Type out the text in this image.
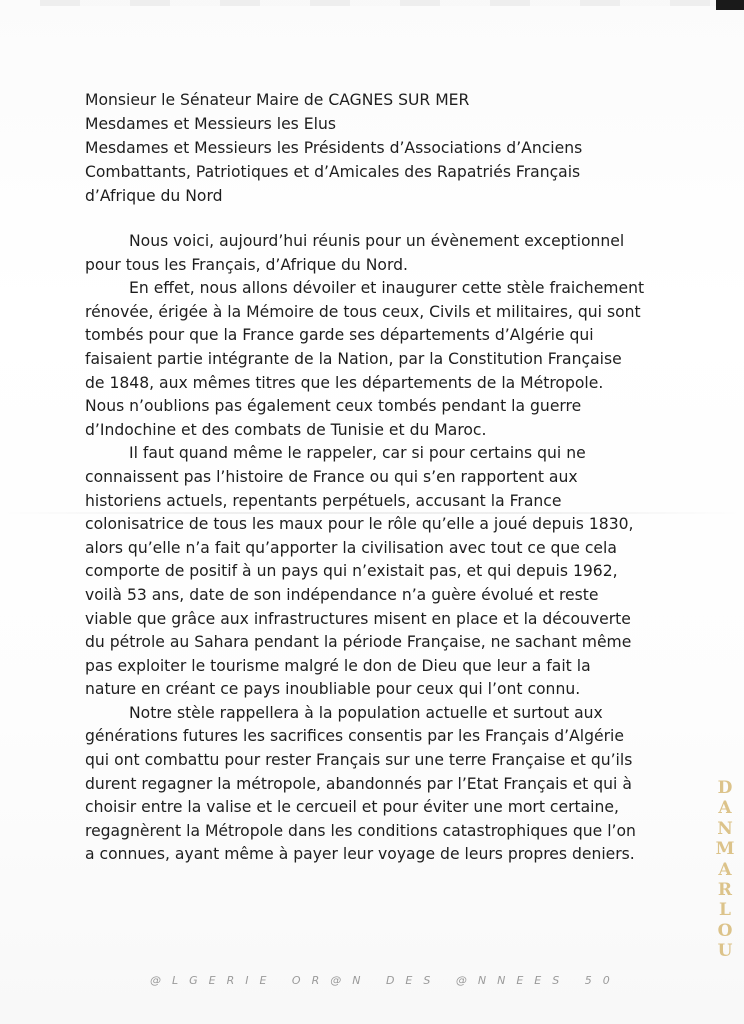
Monsieur le Sénateur Maire de CAGNES SUR MER
Mesdames et Messieurs les Elus
Mesdames et Messieurs les Présidents d’Associations d’Anciens
Combattants, Patriotiques et d’Amicales des Rapatriés Français
d’Afrique du Nord

Nous voici, aujourd’hui réunis pour un évènement exceptionnel pour tous les Français, d’Afrique du Nord.

En effet, nous allons dévoiler et inaugurer cette stèle fraichement rénovée, érigée à la Mémoire de tous ceux, Civils et militaires, qui sont tombés pour que la France garde ses départements d’Algérie qui faisaient partie intégrante de la Nation, par la Constitution Française de 1848, aux mêmes titres que les départements de la Métropole. Nous n’oublions pas également ceux tombés pendant la guerre d’Indochine et des combats de Tunisie et du Maroc.

Il faut quand même le rappeler, car si pour certains qui ne connaissent pas l’histoire de France ou qui s’en rapportent aux historiens actuels, repentants perpétuels, accusant la France colonisatrice de tous les maux pour le rôle qu’elle a joué depuis 1830, alors qu’elle n’a fait qu’apporter la civilisation avec tout ce que cela comporte de positif à un pays qui n’existait pas, et qui depuis 1962, voilà 53 ans, date de son indépendance n’a guère évolué et reste viable que grâce aux infrastructures misent en place et la découverte du pétrole au Sahara pendant la période Française, ne sachant même pas exploiter le tourisme malgré le don de Dieu que leur a fait la nature en créant ce pays inoubliable pour ceux qui l’ont connu.

Notre stèle rappellera à la population actuelle et surtout aux générations futures les sacrifices consentis par les Français d’Algérie qui ont combattu pour rester Français sur une terre Française et qu’ils durent regagner la métropole, abandonnés par l’Etat Français et qui à choisir entre la valise et le cercueil et pour éviter une mort certaine, regagnèrent la Métropole dans les conditions catastrophiques que l’on a connues, ayant même à payer leur voyage de leurs propres deniers.

DANMARLOU
@LGERIE OR@N DES @NNEES 50
